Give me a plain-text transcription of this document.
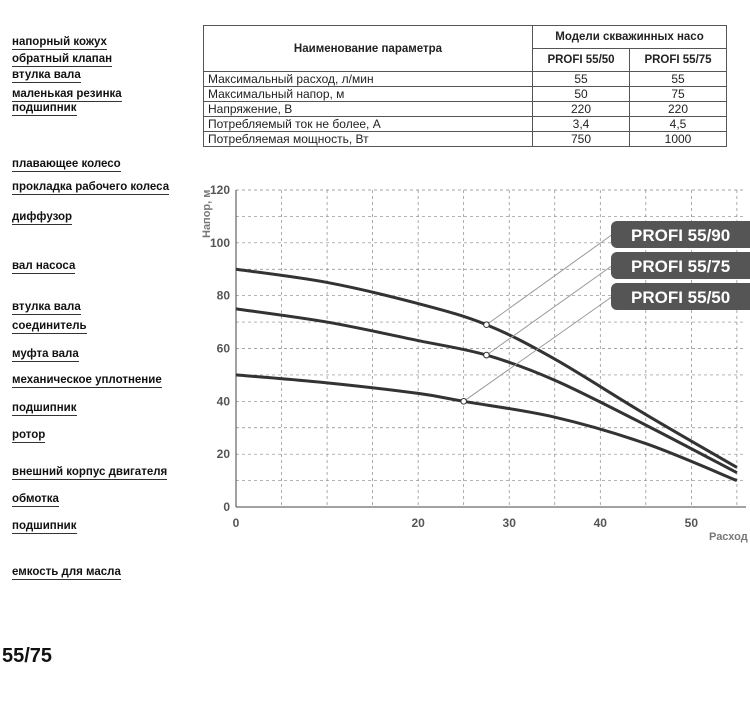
напорный кожух
обратный клапан
втулка вала
маленькая резинка
подшипник
плавающее колесо
прокладка рабочего колеса
диффузор
вал насоса
втулка вала
соединитель
муфта вала
механическое уплотнение
подшипник
ротор
внешний корпус двигателя
обмотка
подшипник
емкость для масла
Наименование параметра	Модели скважинных насо	
	PROFI 55/50	PROFI 55/75
Максимальный расход, л/мин	55	55
Максимальный напор, м	50	75
Напряжение, В	220	220
Потребляемый ток не более, А	3,4	4,5
Потребляемая мощность, Вт	750	1000
0
20
40
60
80
100
120
0	20	30	40	50
Напор, м
Расход
PROFI 55/90
PROFI 55/75
PROFI 55/50
55/75
